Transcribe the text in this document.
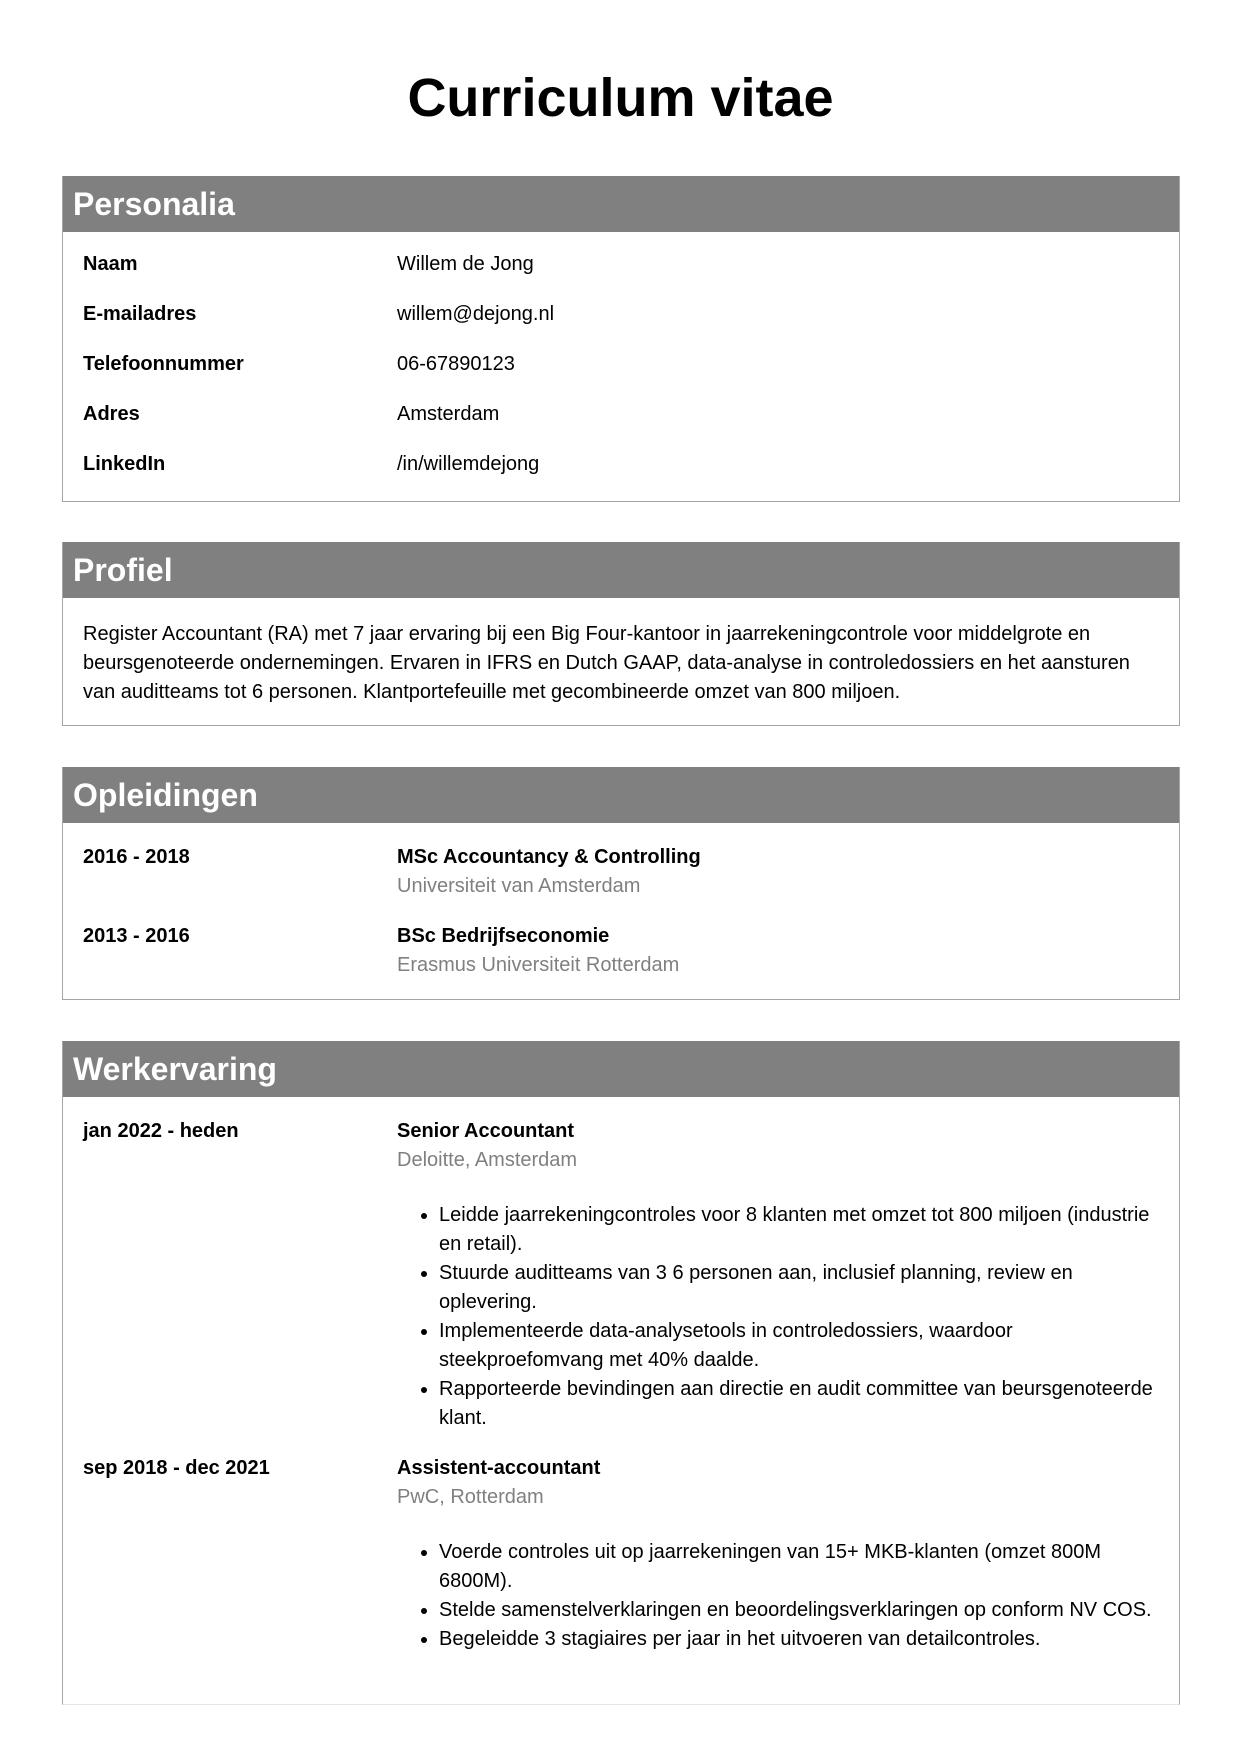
Curriculum vitae
Personalia
Naam	Willem de Jong
E-mailadres	willem@dejong.nl
Telefoonnummer	06-67890123
Adres	Amsterdam
LinkedIn	/in/willemdejong
Profiel
Register Accountant (RA) met 7 jaar ervaring bij een Big Four-kantoor in jaarrekeningcontrole voor middelgrote en beursgenoteerde ondernemingen. Ervaren in IFRS en Dutch GAAP, data-analyse in controledossiers en het aansturen van auditteams tot 6 personen. Klantportefeuille met gecombineerde omzet van 800 miljoen.
Opleidingen
2016 - 2018	MSc Accountancy & Controlling
Universiteit van Amsterdam
2013 - 2016	BSc Bedrijfseconomie
Erasmus Universiteit Rotterdam
Werkervaring
jan 2022 - heden	Senior Accountant
Deloitte, Amsterdam
• Leidde jaarrekeningcontroles voor 8 klanten met omzet tot 800 miljoen (industrie en retail).
• Stuurde auditteams van 3 6 personen aan, inclusief planning, review en oplevering.
• Implementeerde data-analysetools in controledossiers, waardoor steekproefomvang met 40% daalde.
• Rapporteerde bevindingen aan directie en audit committee van beursgenoteerde klant.
sep 2018 - dec 2021	Assistent-accountant
PwC, Rotterdam
• Voerde controles uit op jaarrekeningen van 15+ MKB-klanten (omzet 800M 6800M).
• Stelde samenstelverklaringen en beoordelingsverklaringen op conform NV COS.
• Begeleidde 3 stagiaires per jaar in het uitvoeren van detailcontroles.
